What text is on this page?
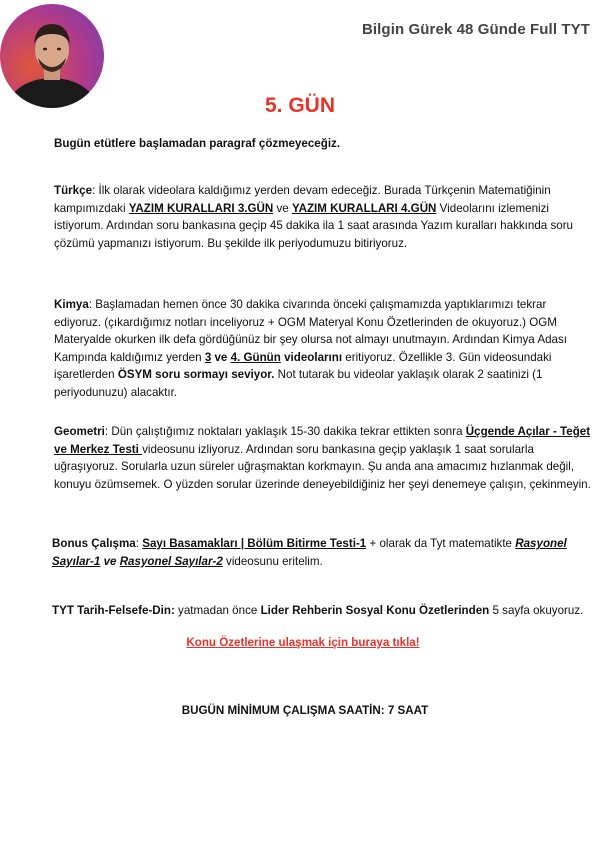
Bilgin Gürek 48 Günde Full TYT
5. GÜN
Bugün etütlere başlamadan paragraf çözmeyeceğiz.
Türkçe: İlk olarak videolara kaldığımız yerden devam edeceğiz. Burada Türkçenin Matematiğinin kampımızdaki YAZIM KURALLARI 3.GÜN ve YAZIM KURALLARI 4.GÜN Videolarını izlemenizi istiyorum. Ardından soru bankasına geçip 45 dakika ila 1 saat arasında Yazım kuralları hakkında soru çözümü yapmanızı istiyorum. Bu şekilde ilk periyodumuzu bitiriyoruz.
Kimya: Başlamadan hemen önce 30 dakika civarında önceki çalışmamızda yaptıklarımızı tekrar ediyoruz. (çıkardığımız notları inceliyoruz + OGM Materyal Konu Özetlerinden de okuyoruz.) OGM Materyalde okurken ilk defa gördüğünüz bir şey olursa not almayı unutmayın. Ardından Kimya Adası Kampında kaldığımız yerden 3 ve 4. Günün videolarını eritiyoruz. Özellikle 3. Gün videosundaki işaretlerden ÖSYM soru sormayı seviyor. Not tutarak bu videolar yaklaşık olarak 2 saatinizi (1 periyodunuzu) alacaktır.
Geometri: Dün çalıştığımız noktaları yaklaşık 15-30 dakika tekrar ettikten sonra Üçgende Açılar - Teğet ve Merkez Testi videosunu izliyoruz. Ardından soru bankasına geçip yaklaşık 1 saat sorularla uğraşıyoruz. Sorularla uzun süreler uğraşmaktan korkmayın. Şu anda ana amacımız hızlanmak değil, konuyu özümsemek. O yüzden sorular üzerinde deneyebildiğiniz her şeyi denemeye çalışın, çekinmeyin.
Bonus Çalışma: Sayı Basamakları | Bölüm Bitirme Testi-1 + olarak da Tyt matematikte Rasyonel Sayılar-1 ve Rasyonel Sayılar-2 videosunu eritelim.
TYT Tarih-Felsefe-Din: yatmadan önce Lider Rehberin Sosyal Konu Özetlerinden 5 sayfa okuyoruz.
Konu Özetlerine ulaşmak için buraya tıkla!
BUGÜN MİNİMUM ÇALIŞMA SAATİN: 7 SAAT
